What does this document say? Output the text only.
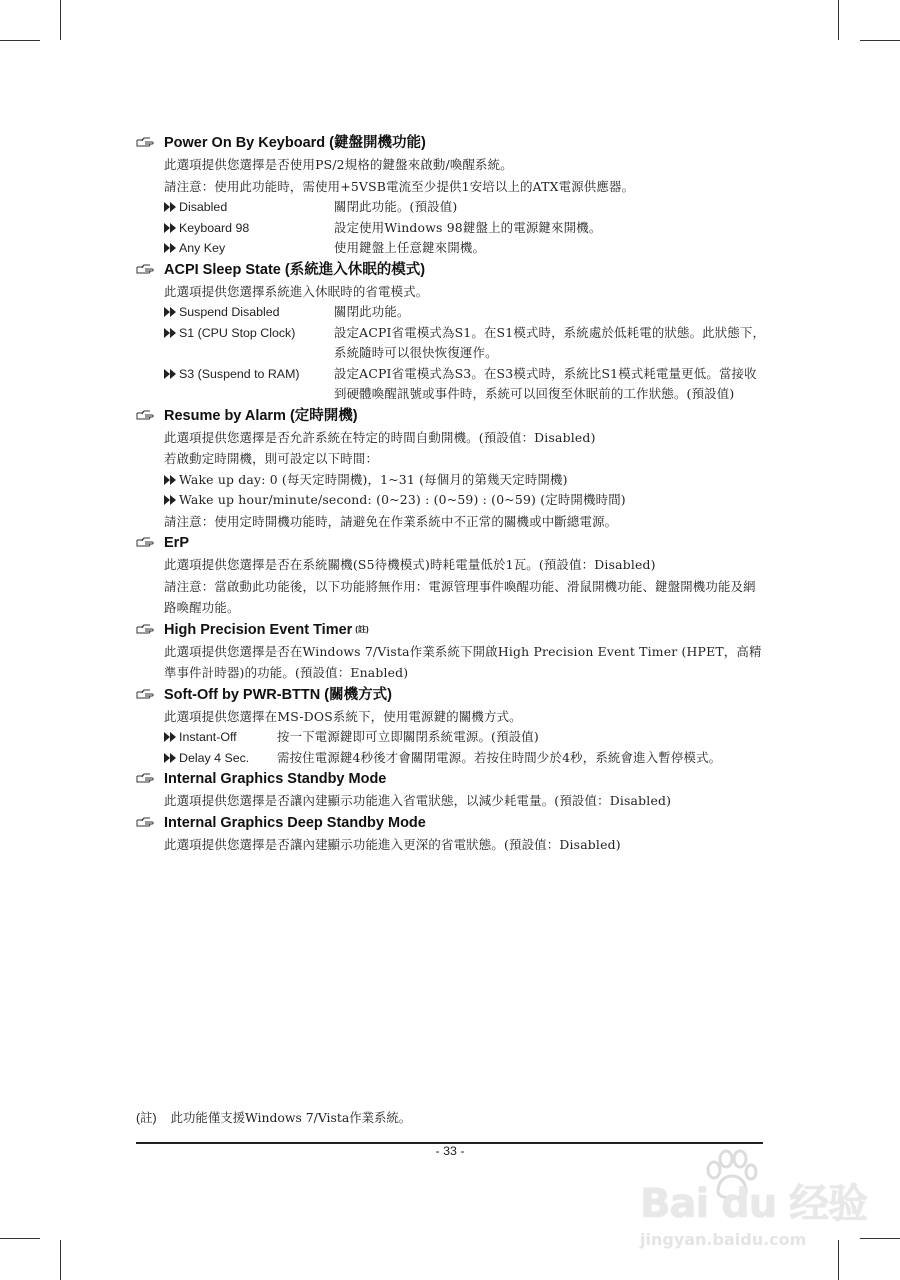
Power On By Keyboard (鍵盤開機功能)

此選項提供您選擇是否使用PS/2規格的鍵盤來啟動/喚醒系統。

請注意：使用此功能時，需使用+5VSB電流至少提供1安培以上的ATX電源供應器。

Disabled	關閉此功能。(預設值)
Keyboard 98	設定使用Windows 98鍵盤上的電源鍵來開機。
Any Key	使用鍵盤上任意鍵來開機。
ACPI Sleep State (系統進入休眠的模式)

此選項提供您選擇系統進入休眠時的省電模式。

Suspend Disabled	關閉此功能。
S1 (CPU Stop Clock)	設定ACPI省電模式為S1。在S1模式時，系統處於低耗電的狀態。此狀態下，系統隨時可以很快恢復運作。
S3 (Suspend to RAM)	設定ACPI省電模式為S3。在S3模式時，系統比S1模式耗電量更低。當接收到硬體喚醒訊號或事件時，系統可以回復至休眠前的工作狀態。(預設值)
Resume by Alarm (定時開機)

此選項提供您選擇是否允許系統在特定的時間自動開機。(預設值：Disabled)

若啟動定時開機，則可設定以下時間：

Wake up day: 0 (每天定時開機)，1~31 (每個月的第幾天定時開機)
Wake up hour/minute/second: (0~23) : (0~59) : (0~59) (定時開機時間)

請注意：使用定時開機功能時，請避免在作業系統中不正常的關機或中斷總電源。

ErP

此選項提供您選擇是否在系統關機(S5待機模式)時耗電量低於1瓦。(預設值：Disabled)

請注意：當啟動此功能後，以下功能將無作用：電源管理事件喚醒功能、滑鼠開機功能、鍵盤開機功能及網路喚醒功能。

High Precision Event Timer $^{(註)}$

此選項提供您選擇是否在Windows 7/Vista作業系統下開啟High Precision Event Timer (HPET，高精準事件計時器)的功能。(預設值：Enabled)

Soft-Off by PWR-BTTN (關機方式)

此選項提供您選擇在MS-DOS系統下，使用電源鍵的關機方式。

Instant-Off	按一下電源鍵即可立即關閉系統電源。(預設值)
Delay 4 Sec. 需按住電源鍵4秒後才會關閉電源。若按住時間少於4秒，系統會進入暫停模式。
Internal Graphics Standby Mode

此選項提供您選擇是否讓內建顯示功能進入省電狀態，以減少耗電量。(預設值：Disabled)

Internal Graphics Deep Standby Mode

此選項提供您選擇是否讓內建顯示功能進入更深的省電狀態。(預設值：Disabled)

(註) 此功能僅支援Windows 7/Vista作業系統。
- 33 -
Bai du 经验
jingyan.baidu.com
